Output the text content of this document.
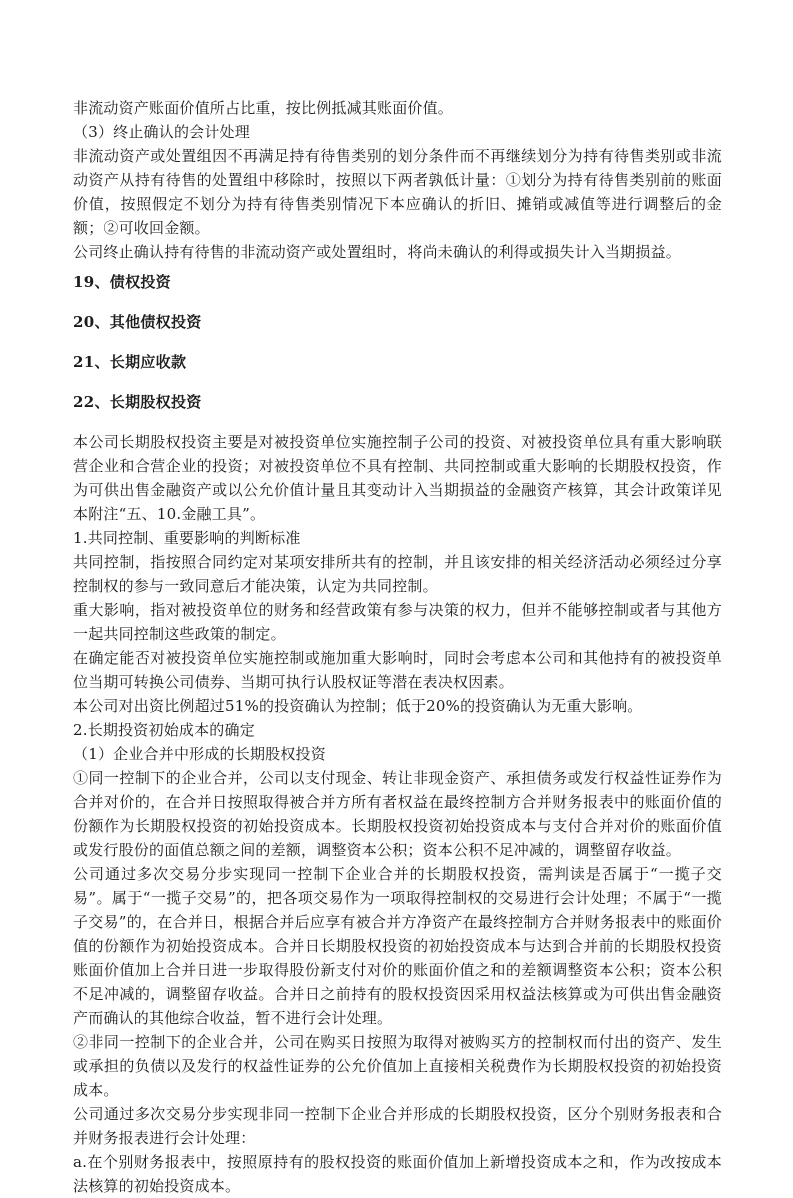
非流动资产账面价值所占比重，按比例抵减其账面价值。

（3）终止确认的会计处理

非流动资产或处置组因不再满足持有待售类别的划分条件而不再继续划分为持有待售类别或非流动资产从持有待售的处置组中移除时，按照以下两者孰低计量：①划分为持有待售类别前的账面价值，按照假定不划分为持有待售类别情况下本应确认的折旧、摊销或减值等进行调整后的金额；②可收回金额。

公司终止确认持有待售的非流动资产或处置组时，将尚未确认的利得或损失计入当期损益。

19、债权投资
20、其他债权投资
21、长期应收款
22、长期股权投资

本公司长期股权投资主要是对被投资单位实施控制子公司的投资、对被投资单位具有重大影响联营企业和合营企业的投资；对被投资单位不具有控制、共同控制或重大影响的长期股权投资，作为可供出售金融资产或以公允价值计量且其变动计入当期损益的金融资产核算，其会计政策详见本附注“五、10.金融工具”。

1.共同控制、重要影响的判断标准

共同控制，指按照合同约定对某项安排所共有的控制，并且该安排的相关经济活动必须经过分享控制权的参与一致同意后才能决策，认定为共同控制。

重大影响，指对被投资单位的财务和经营政策有参与决策的权力，但并不能够控制或者与其他方一起共同控制这些政策的制定。

在确定能否对被投资单位实施控制或施加重大影响时，同时会考虑本公司和其他持有的被投资单位当期可转换公司债券、当期可执行认股权证等潜在表决权因素。

本公司对出资比例超过51%的投资确认为控制；低于20%的投资确认为无重大影响。

2.长期投资初始成本的确定

（1）企业合并中形成的长期股权投资

①同一控制下的企业合并，公司以支付现金、转让非现金资产、承担债务或发行权益性证券作为合并对价的，在合并日按照取得被合并方所有者权益在最终控制方合并财务报表中的账面价值的份额作为长期股权投资的初始投资成本。长期股权投资初始投资成本与支付合并对价的账面价值或发行股份的面值总额之间的差额，调整资本公积；资本公积不足冲减的，调整留存收益。

公司通过多次交易分步实现同一控制下企业合并的长期股权投资，需判读是否属于“一揽子交易”。属于“一揽子交易”的，把各项交易作为一项取得控制权的交易进行会计处理；不属于“一揽子交易”的，在合并日，根据合并后应享有被合并方净资产在最终控制方合并财务报表中的账面价值的份额作为初始投资成本。合并日长期股权投资的初始投资成本与达到合并前的长期股权投资账面价值加上合并日进一步取得股份新支付对价的账面价值之和的差额调整资本公积；资本公积不足冲减的，调整留存收益。合并日之前持有的股权投资因采用权益法核算或为可供出售金融资产而确认的其他综合收益，暂不进行会计处理。

②非同一控制下的企业合并，公司在购买日按照为取得对被购买方的控制权而付出的资产、发生或承担的负债以及发行的权益性证券的公允价值加上直接相关税费作为长期股权投资的初始投资成本。

公司通过多次交易分步实现非同一控制下企业合并形成的长期股权投资，区分个别财务报表和合并财务报表进行会计处理：

a.在个别财务报表中，按照原持有的股权投资的账面价值加上新增投资成本之和，作为改按成本法核算的初始投资成本。
